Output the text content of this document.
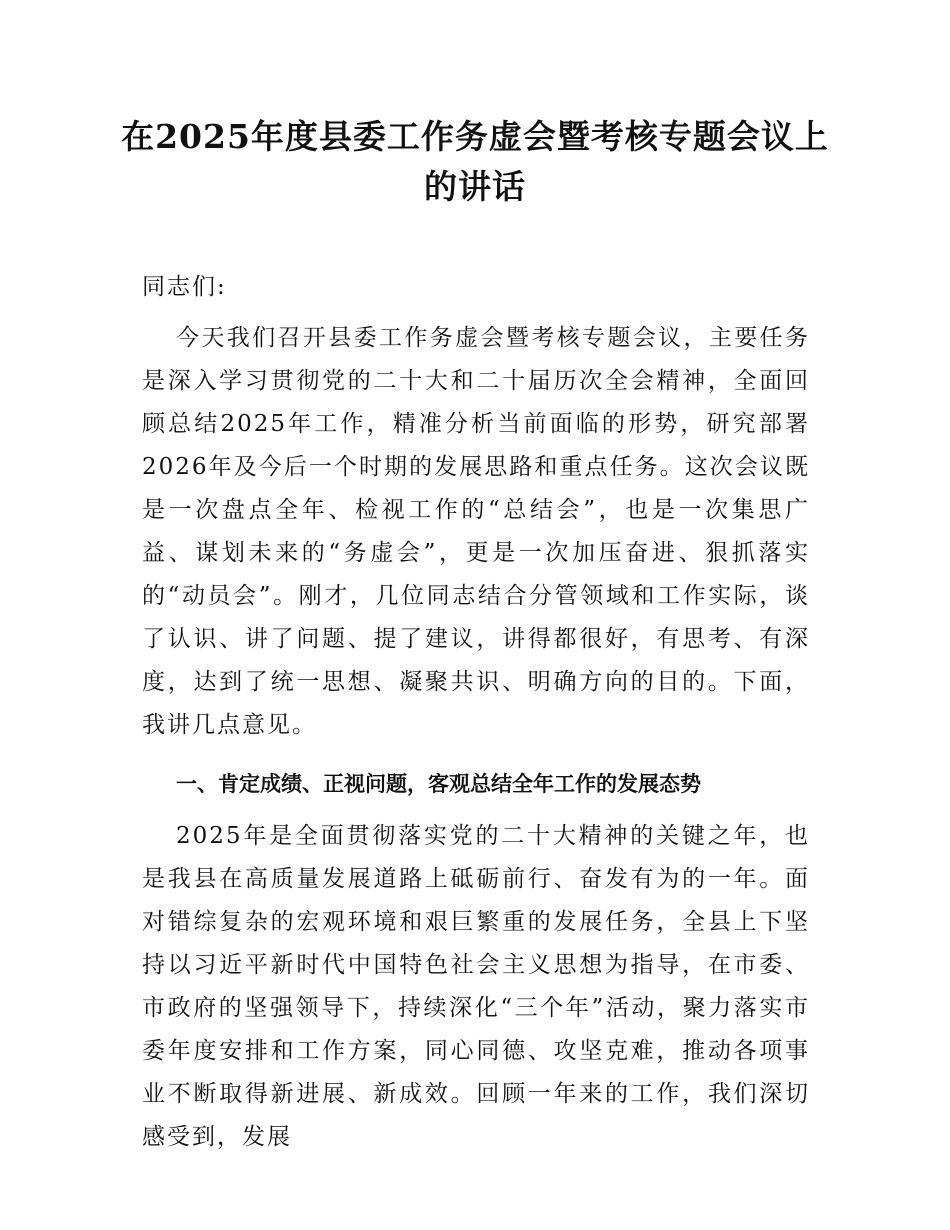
在2025年度县委工作务虚会暨考核专题会议上的讲话

同志们:

今天我们召开县委工作务虚会暨考核专题会议，主要任务是深入学习贯彻党的二十大和二十届历次全会精神，全面回顾总结2025年工作，精准分析当前面临的形势，研究部署2026年及今后一个时期的发展思路和重点任务。这次会议既是一次盘点全年、检视工作的“总结会”，也是一次集思广益、谋划未来的“务虚会”，更是一次加压奋进、狠抓落实的“动员会”。刚才，几位同志结合分管领域和工作实际，谈了认识、讲了问题、提了建议，讲得都很好，有思考、有深度，达到了统一思想、凝聚共识、明确方向的目的。下面，我讲几点意见。

一、肯定成绩、正视问题，客观总结全年工作的发展态势

2025年是全面贯彻落实党的二十大精神的关键之年，也是我县在高质量发展道路上砥砺前行、奋发有为的一年。面对错综复杂的宏观环境和艰巨繁重的发展任务，全县上下坚持以习近平新时代中国特色社会主义思想为指导，在市委、市政府的坚强领导下，持续深化“三个年”活动，聚力落实市委年度安排和工作方案，同心同德、攻坚克难，推动各项事业不断取得新进展、新成效。回顾一年来的工作，我们深切感受到，发展
